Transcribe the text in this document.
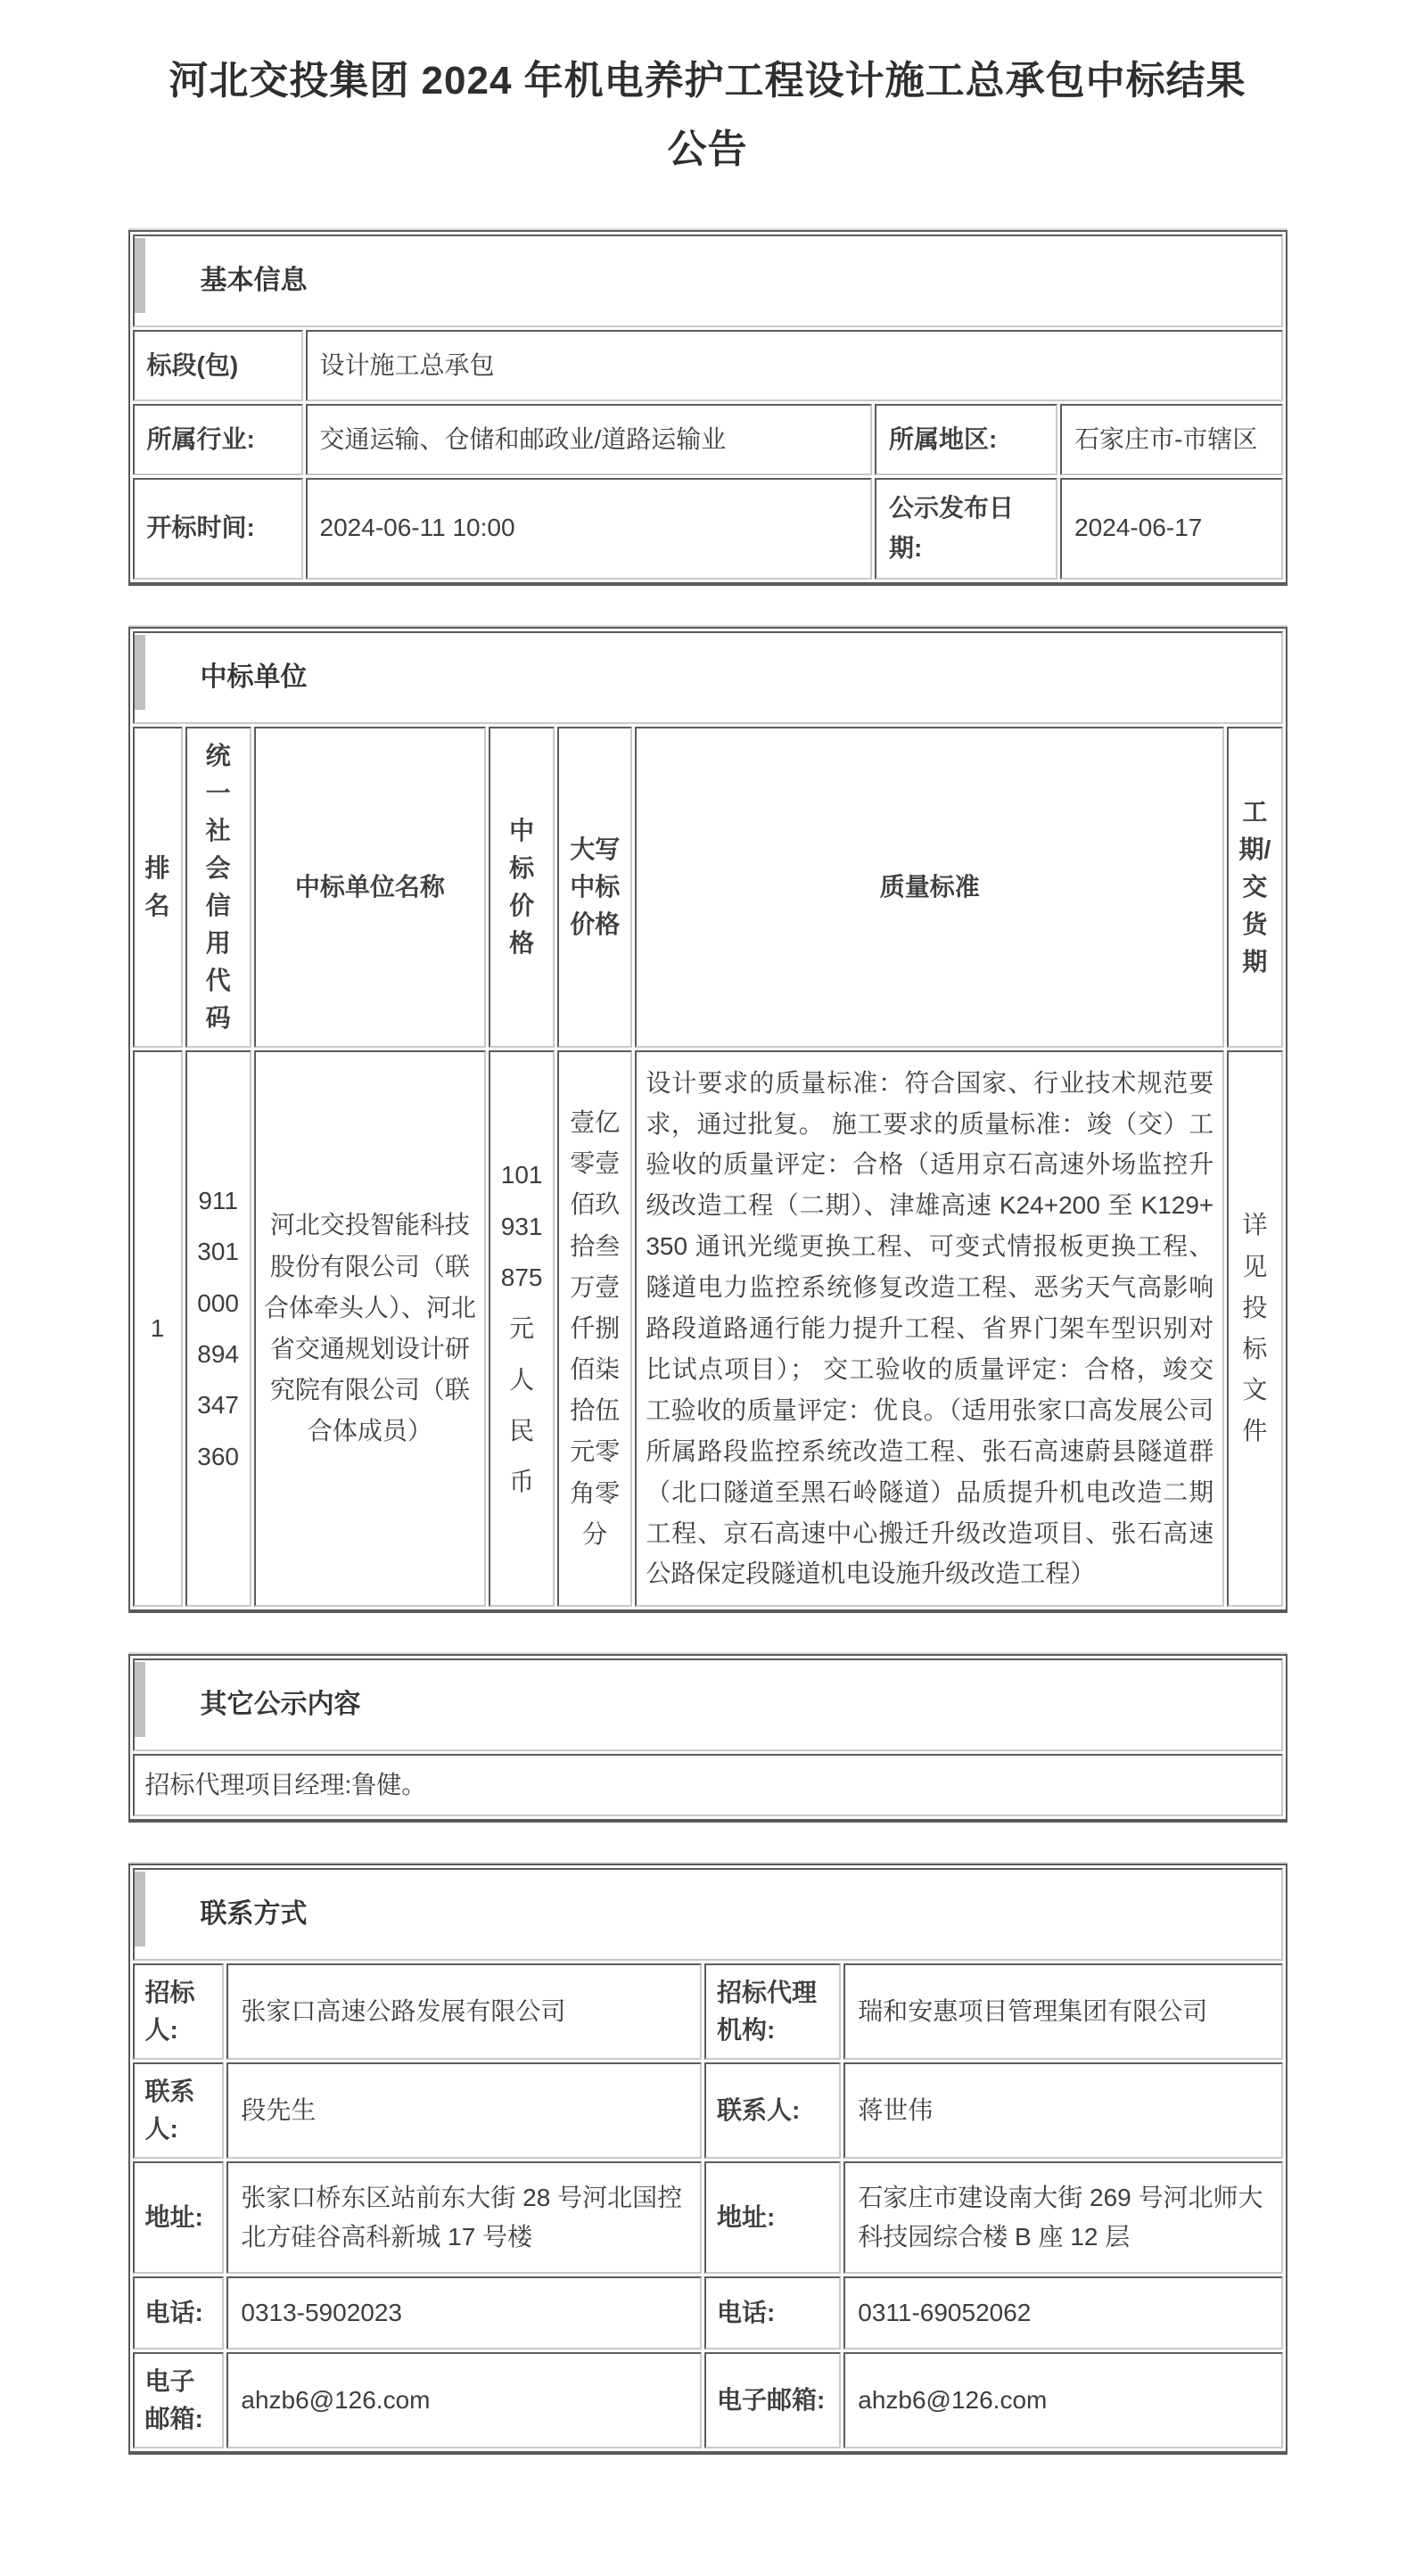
河北交投集团 2024 年机电养护工程设计施工总承包中标结果公告
基本信息			

标段(包)	设计施工总承包		
所属行业:	交通运输、仓储和邮政业/道路运输业	所属地区:	石家庄市-市辖区
开标时间:	2024-06-11 10:00	公示发布日期:	2024-06-17
中标单位						

排名	统一社会信用代码	中标单位名称	中标价格	大写中标价格	质量标准	工期/交货期
1	911301000894347360	河北交投智能科技股份有限公司（联合体牵头人）、河北省交通规划设计研究院有限公司（联合体成员）	101931875元人民币	壹亿零壹佰玖拾叁万壹仟捌佰柒拾伍元零角零分	设计要求的质量标准：符合国家、行业技术规范要求，通过批复。 施工要求的质量标准：竣（交）工验收的质量评定：合格（适用京石高速外场监控升级改造工程（二期）、津雄高速 K24+200 至 K129+350 通讯光缆更换工程、可变式情报板更换工程、隧道电力监控系统修复改造工程、恶劣天气高影响路段道路通行能力提升工程、省界门架车型识别对比试点项目）； 交工验收的质量评定：合格，竣交工验收的质量评定：优良。（适用张家口高发展公司所属路段监控系统改造工程、张石高速蔚县隧道群（北口隧道至黑石岭隧道）品质提升机电改造二期工程、京石高速中心搬迁升级改造项目、张石高速公路保定段隧道机电设施升级改造工程）	详见投标文件
其它公示内容

招标代理项目经理:鲁健。
联系方式			

招标人:	张家口高速公路发展有限公司	招标代理机构:	瑞和安惠项目管理集团有限公司
联系人:	段先生	联系人:	蒋世伟
地址:	张家口桥东区站前东大街 28 号河北国控北方硅谷高科新城 17 号楼	地址:	石家庄市建设南大街 269 号河北师大科技园综合楼 B 座 12 层
电话:	0313-5902023	电话:	0311-69052062
电子邮箱:	ahzb6@126.com	电子邮箱:	ahzb6@126.com
